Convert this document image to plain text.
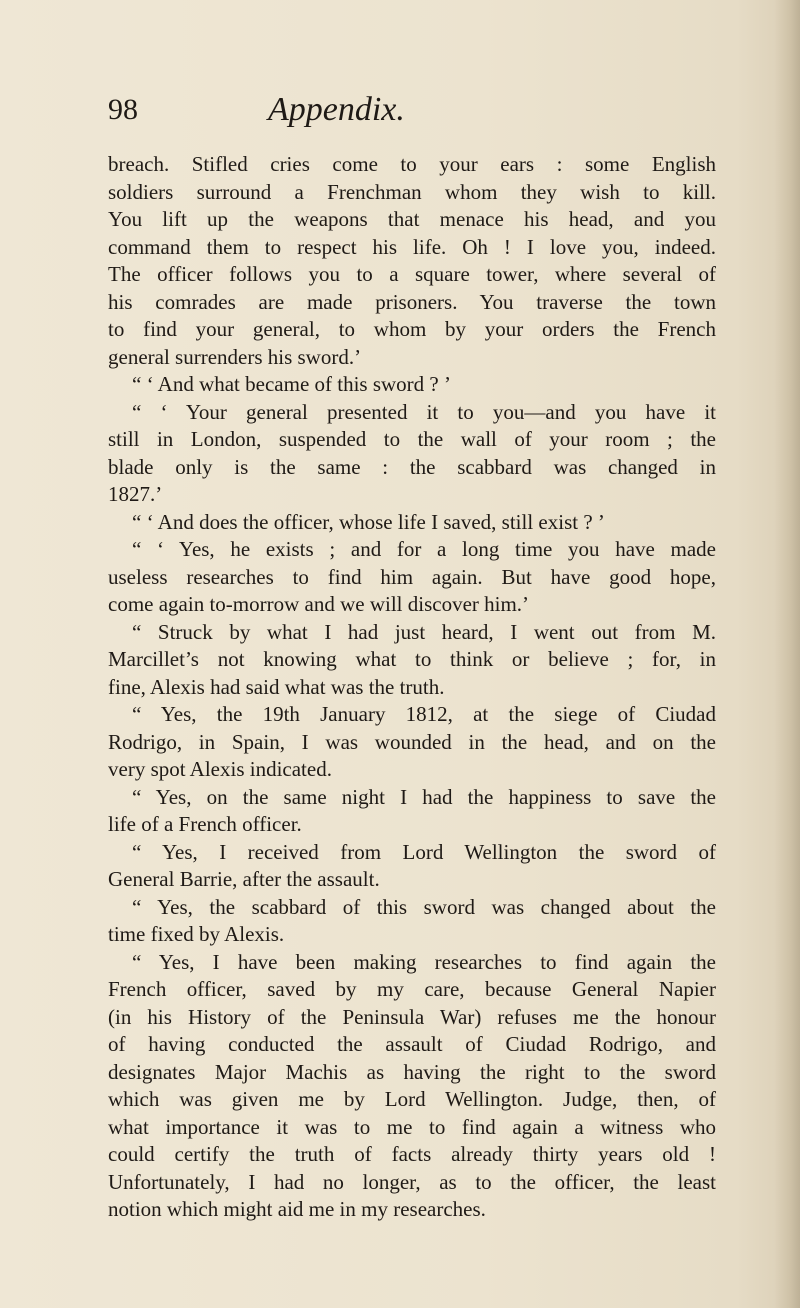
98	Appendix.
breach. Stifled cries come to your ears : some English
soldiers surround a Frenchman whom they wish to kill.
You lift up the weapons that menace his head, and you
command them to respect his life. Oh ! I love you, indeed.
The officer follows you to a square tower, where several of
his comrades are made prisoners. You traverse the town
to find your general, to whom by your orders the French
general surrenders his sword.’
“ ‘ And what became of this sword ? ’
“ ‘ Your general presented it to you—and you have it
still in London, suspended to the wall of your room ; the
blade only is the same : the scabbard was changed in
1827.’
“ ‘ And does the officer, whose life I saved, still exist ? ’
“ ‘ Yes, he exists ; and for a long time you have made
useless researches to find him again. But have good hope,
come again to-morrow and we will discover him.’
“ Struck by what I had just heard, I went out from M.
Marcillet’s not knowing what to think or believe ; for, in
fine, Alexis had said what was the truth.
“ Yes, the 19th January 1812, at the siege of Ciudad
Rodrigo, in Spain, I was wounded in the head, and on the
very spot Alexis indicated.
“ Yes, on the same night I had the happiness to save the
life of a French officer.
“ Yes, I received from Lord Wellington the sword of
General Barrie, after the assault.
“ Yes, the scabbard of this sword was changed about the
time fixed by Alexis.
“ Yes, I have been making researches to find again the
French officer, saved by my care, because General Napier
(in his History of the Peninsula War) refuses me the honour
of having conducted the assault of Ciudad Rodrigo, and
designates Major Machis as having the right to the sword
which was given me by Lord Wellington. Judge, then, of
what importance it was to me to find again a witness who
could certify the truth of facts already thirty years old !
Unfortunately, I had no longer, as to the officer, the least
notion which might aid me in my researches.
